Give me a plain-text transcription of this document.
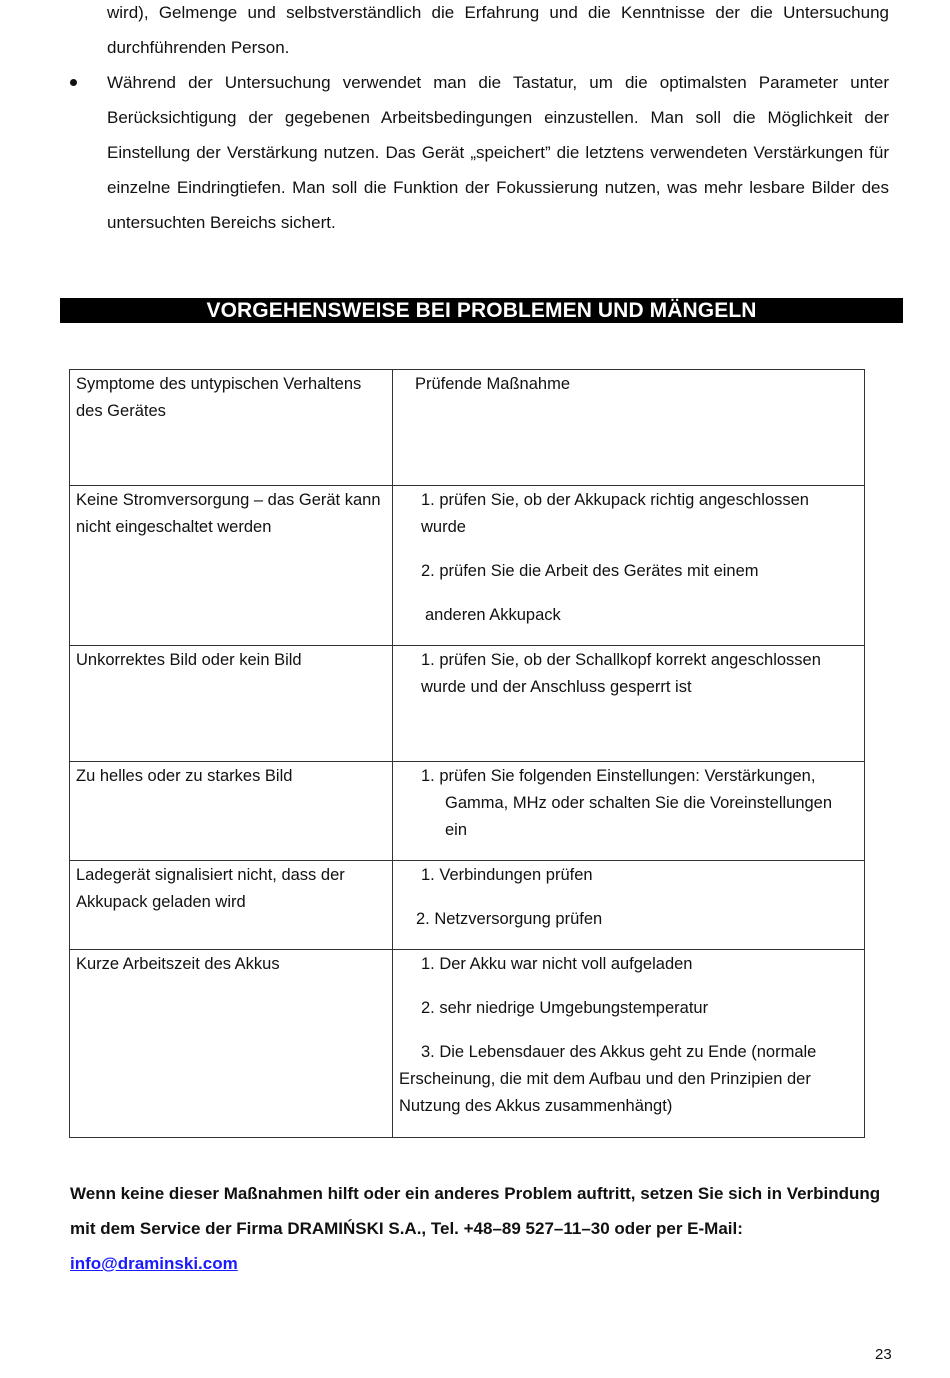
wird), Gelmenge und selbstverständlich die Erfahrung und die Kenntnisse der die Untersuchung durchführenden Person.
Während der Untersuchung verwendet man die Tastatur, um die optimalsten Parameter unter Berücksichtigung der gegebenen Arbeitsbedingungen einzustellen. Man soll die Möglichkeit der Einstellung der Verstärkung nutzen. Das Gerät „speichert” die letztens verwendeten Verstärkungen für einzelne Eindringtiefen. Man soll die Funktion der Fokussierung nutzen, was mehr lesbare Bilder des untersuchten Bereichs sichert.
VORGEHENSWEISE BEI PROBLEMEN UND MÄNGELN
Symptome des untypischen Verhaltens des Gerätes	Prüfende Maßnahme

Keine Stromversorgung – das Gerät kann nicht eingeschaltet werden	1. prüfen Sie, ob der Akkupack richtig angeschlossen wurde
2. prüfen Sie die Arbeit des Gerätes mit einem
anderen Akkupack

Unkorrektes Bild oder kein Bild	1. prüfen Sie, ob der Schallkopf korrekt angeschlossen wurde und der Anschluss gesperrt ist

Zu helles oder zu starkes Bild	1. prüfen Sie folgenden Einstellungen: Verstärkungen,
Gamma, MHz oder schalten Sie die Voreinstellungen ein

Ladegerät signalisiert nicht, dass der Akkupack geladen wird	1. Verbindungen prüfen
2. Netzversorgung prüfen

Kurze Arbeitszeit des Akkus	1. Der Akku war nicht voll aufgeladen
2. sehr niedrige Umgebungstemperatur
3. Die Lebensdauer des Akkus geht zu Ende (normale Erscheinung, die mit dem Aufbau und den Prinzipien der Nutzung des Akkus zusammenhängt)
Wenn keine dieser Maßnahmen hilft oder ein anderes Problem auftritt, setzen Sie sich in Verbindung mit dem Service der Firma DRAMIŃSKI S.A., Tel. +48–89 527–11–30 oder per E-Mail:
info@draminski.com
23
